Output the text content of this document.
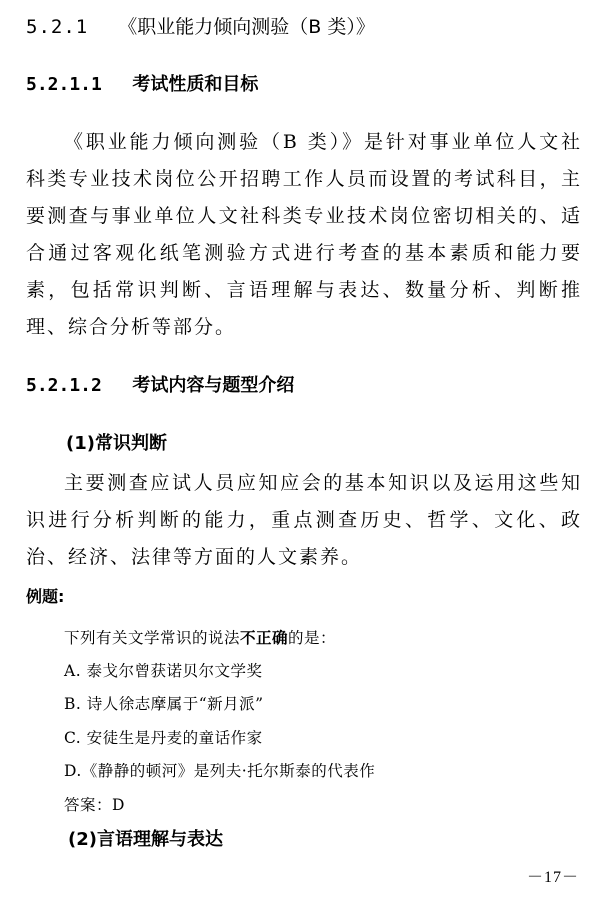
5.2.1 《职业能力倾向测验（B 类）》
5.2.1.1 考试性质和目标

《职业能力倾向测验（B 类）》是针对事业单位人文社科类专业技术岗位公开招聘工作人员而设置的考试科目，主要测查与事业单位人文社科类专业技术岗位密切相关的、适合通过客观化纸笔测验方式进行考查的基本素质和能力要素，包括常识判断、言语理解与表达、数量分析、判断推理、综合分析等部分。

5.2.1.2 考试内容与题型介绍
(1)常识判断

主要测查应试人员应知应会的基本知识以及运用这些知识进行分析判断的能力，重点测查历史、哲学、文化、政治、经济、法律等方面的人文素养。

例题:
下列有关文学常识的说法不正确的是：
A. 泰戈尔曾获诺贝尔文学奖
B. 诗人徐志摩属于“新月派”
C. 安徒生是丹麦的童话作家
D.《静静的顿河》是列夫·托尔斯泰的代表作
答案：D
(2)言语理解与表达
－17－
